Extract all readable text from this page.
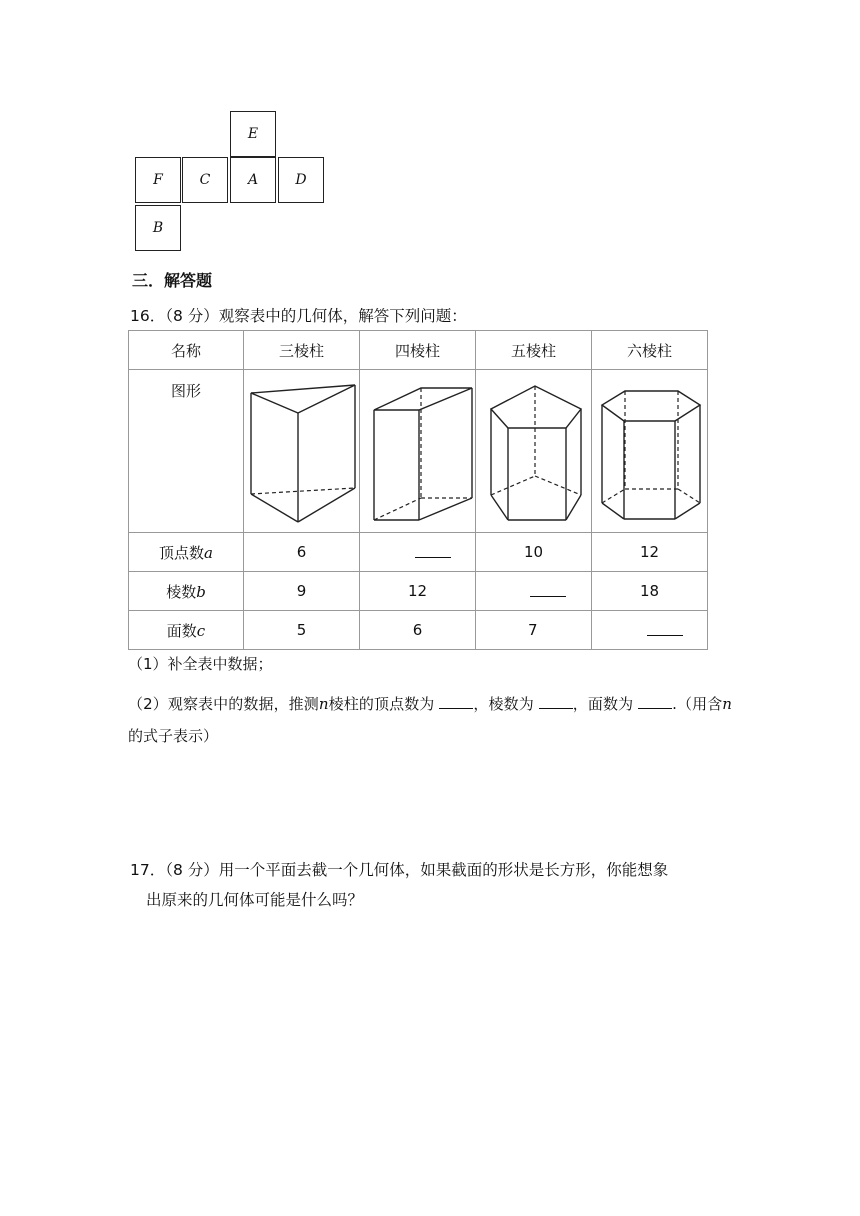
E
F	C	A	D
B
三．解答题
16．（8 分）观察表中的几何体，解答下列问题：
名称	三棱柱	四棱柱	五棱柱	六棱柱

图形

顶点数a	6		10	12
棱数b	9	12		18
面数c	5	6	7	
（1）补全表中数据；
（2）观察表中的数据，推测n棱柱的顶点数为	，棱数为	，面数为	.（用含n的式子表示）
17．（8 分）用一个平面去截一个几何体，如果截面的形状是长方形，你能想象
出原来的几何体可能是什么吗？
